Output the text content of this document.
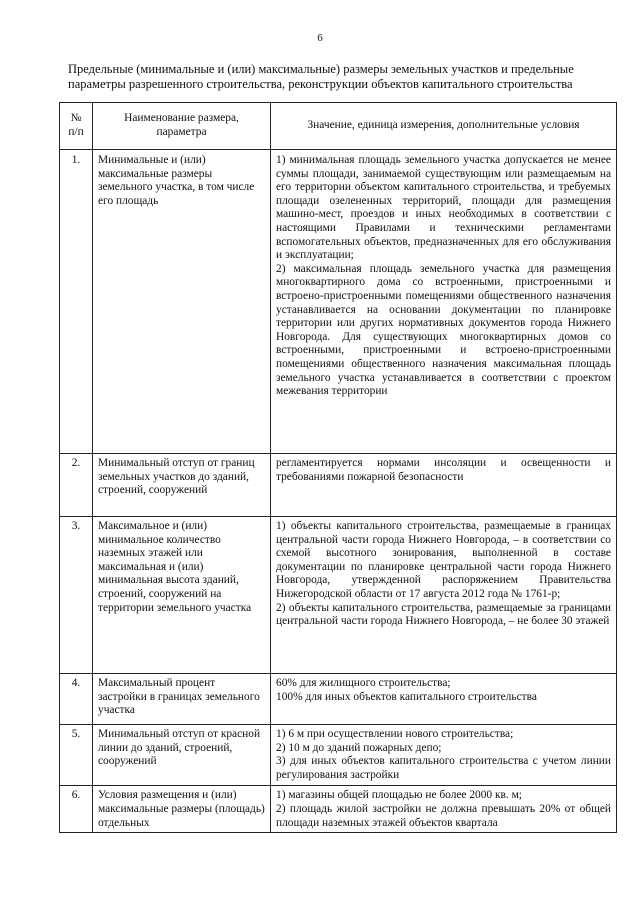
6
Предельные (минимальные и (или) максимальные) размеры земельных участков и предельные параметры разрешенного строительства, реконструкции объектов капитального строительства
№ п/п	Наименование размера, параметра	Значение, единица измерения, дополнительные условия
1.	Минимальные и (или) максимальные размеры земельного участка, в том числе его площадь	1) минимальная площадь земельного участка допускается не менее суммы площади, занимаемой существующим или размещаемым на его территории объектом капитального строительства, и требуемых площади озелененных территорий, площади для размещения машино-мест, проездов и иных необходимых в соответствии с настоящими Правилами и техническими регламентами вспомогательных объектов, предназначенных для его обслуживания и эксплуатации;
2) максимальная площадь земельного участка для размещения многоквартирного дома со встроенными, пристроенными и встроено-пристроенными помещениями общественного назначения устанавливается на основании документации по планировке территории или других нормативных документов города Нижнего Новгорода. Для существующих многоквартирных домов со встроенными, пристроенными и встроено-пристроенными помещениями общественного назначения максимальная площадь земельного участка устанавливается в соответствии с проектом межевания территории

2.	Минимальный отступ от границ земельных участков до зданий, строений, сооружений	регламентируется нормами инсоляции и освещенности и требованиями пожарной безопасности

3.	Максимальное и (или) минимальное количество наземных этажей или максимальная и (или) минимальная высота зданий, строений, сооружений на территории земельного участка	1) объекты капитального строительства, размещаемые в границах центральной части города Нижнего Новгорода, – в соответствии со схемой высотного зонирования, выполненной в составе документации по планировке центральной части города Нижнего Новгорода, утвержденной распоряжением Правительства Нижегородской области от 17 августа 2012 года № 1761-р;
2) объекты капитального строительства, размещаемые за границами центральной части города Нижнего Новгорода, – не более 30 этажей

4.	Максимальный процент застройки в границах земельного участка	60% для жилищного строительства;
100% для иных объектов капитального строительства

5.	Минимальный отступ от красной линии до зданий, строений, сооружений	1) 6 м при осуществлении нового строительства;
2) 10 м до зданий пожарных депо;
3) для иных объектов капитального строительства с учетом линии регулирования застройки

6.	Условия размещения и (или) максимальные размеры (площадь) отдельных	1) магазины общей площадью не более 2000 кв. м;
2) площадь жилой застройки не должна превышать 20% от общей площади наземных этажей объектов квартала
